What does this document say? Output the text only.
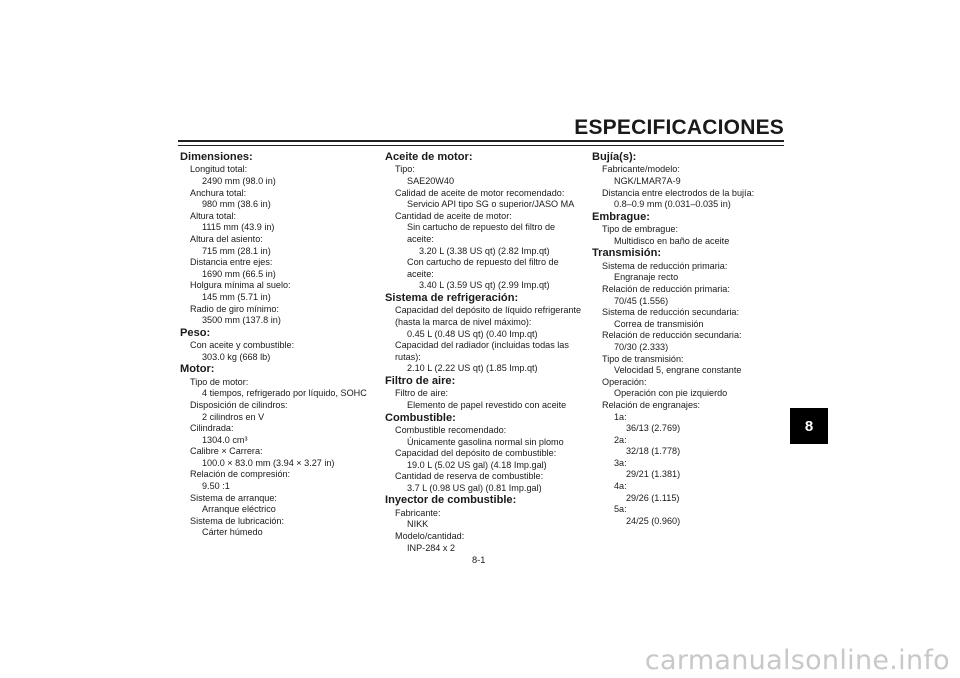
ESPECIFICACIONES
Dimensiones:
Longitud total:
2490 mm (98.0 in)
Anchura total:
980 mm (38.6 in)
Altura total:
1115 mm (43.9 in)
Altura del asiento:
715 mm (28.1 in)
Distancia entre ejes:
1690 mm (66.5 in)
Holgura mínima al suelo:
145 mm (5.71 in)
Radio de giro mínimo:
3500 mm (137.8 in)
Peso:
Con aceite y combustible:
303.0 kg (668 lb)
Motor:
Tipo de motor:
4 tiempos, refrigerado por líquido, SOHC
Disposición de cilindros:
2 cilindros en V
Cilindrada:
1304.0 cm³
Calibre × Carrera:
100.0 × 83.0 mm (3.94 × 3.27 in)
Relación de compresión:
9.50 :1
Sistema de arranque:
Arranque eléctrico
Sistema de lubricación:
Cárter húmedo
Aceite de motor:
Tipo:
SAE20W40
Calidad de aceite de motor recomendado:
Servicio API tipo SG o superior/JASO MA
Cantidad de aceite de motor:
Sin cartucho de repuesto del filtro de
aceite:
3.20 L (3.38 US qt) (2.82 Imp.qt)
Con cartucho de repuesto del filtro de
aceite:
3.40 L (3.59 US qt) (2.99 Imp.qt)
Sistema de refrigeración:
Capacidad del depósito de líquido refrigerante
(hasta la marca de nivel máximo):
0.45 L (0.48 US qt) (0.40 Imp.qt)
Capacidad del radiador (incluidas todas las
rutas):
2.10 L (2.22 US qt) (1.85 Imp.qt)
Filtro de aire:
Filtro de aire:
Elemento de papel revestido con aceite
Combustible:
Combustible recomendado:
Únicamente gasolina normal sin plomo
Capacidad del depósito de combustible:
19.0 L (5.02 US gal) (4.18 Imp.gal)
Cantidad de reserva de combustible:
3.7 L (0.98 US gal) (0.81 Imp.gal)
Inyector de combustible:
Fabricante:
NIKK
Modelo/cantidad:
INP-284 x 2
Bujía(s):
Fabricante/modelo:
NGK/LMAR7A-9
Distancia entre electrodos de la bujía:
0.8–0.9 mm (0.031–0.035 in)
Embrague:
Tipo de embrague:
Multidisco en baño de aceite
Transmisión:
Sistema de reducción primaria:
Engranaje recto
Relación de reducción primaria:
70/45 (1.556)
Sistema de reducción secundaria:
Correa de transmisión
Relación de reducción secundaria:
70/30 (2.333)
Tipo de transmisión:
Velocidad 5, engrane constante
Operación:
Operación con pie izquierdo
Relación de engranajes:
1a:
36/13 (2.769)
2a:
32/18 (1.778)
3a:
29/21 (1.381)
4a:
29/26 (1.115)
5a:
24/25 (0.960)
8
8-1
carmanualsonline.info
